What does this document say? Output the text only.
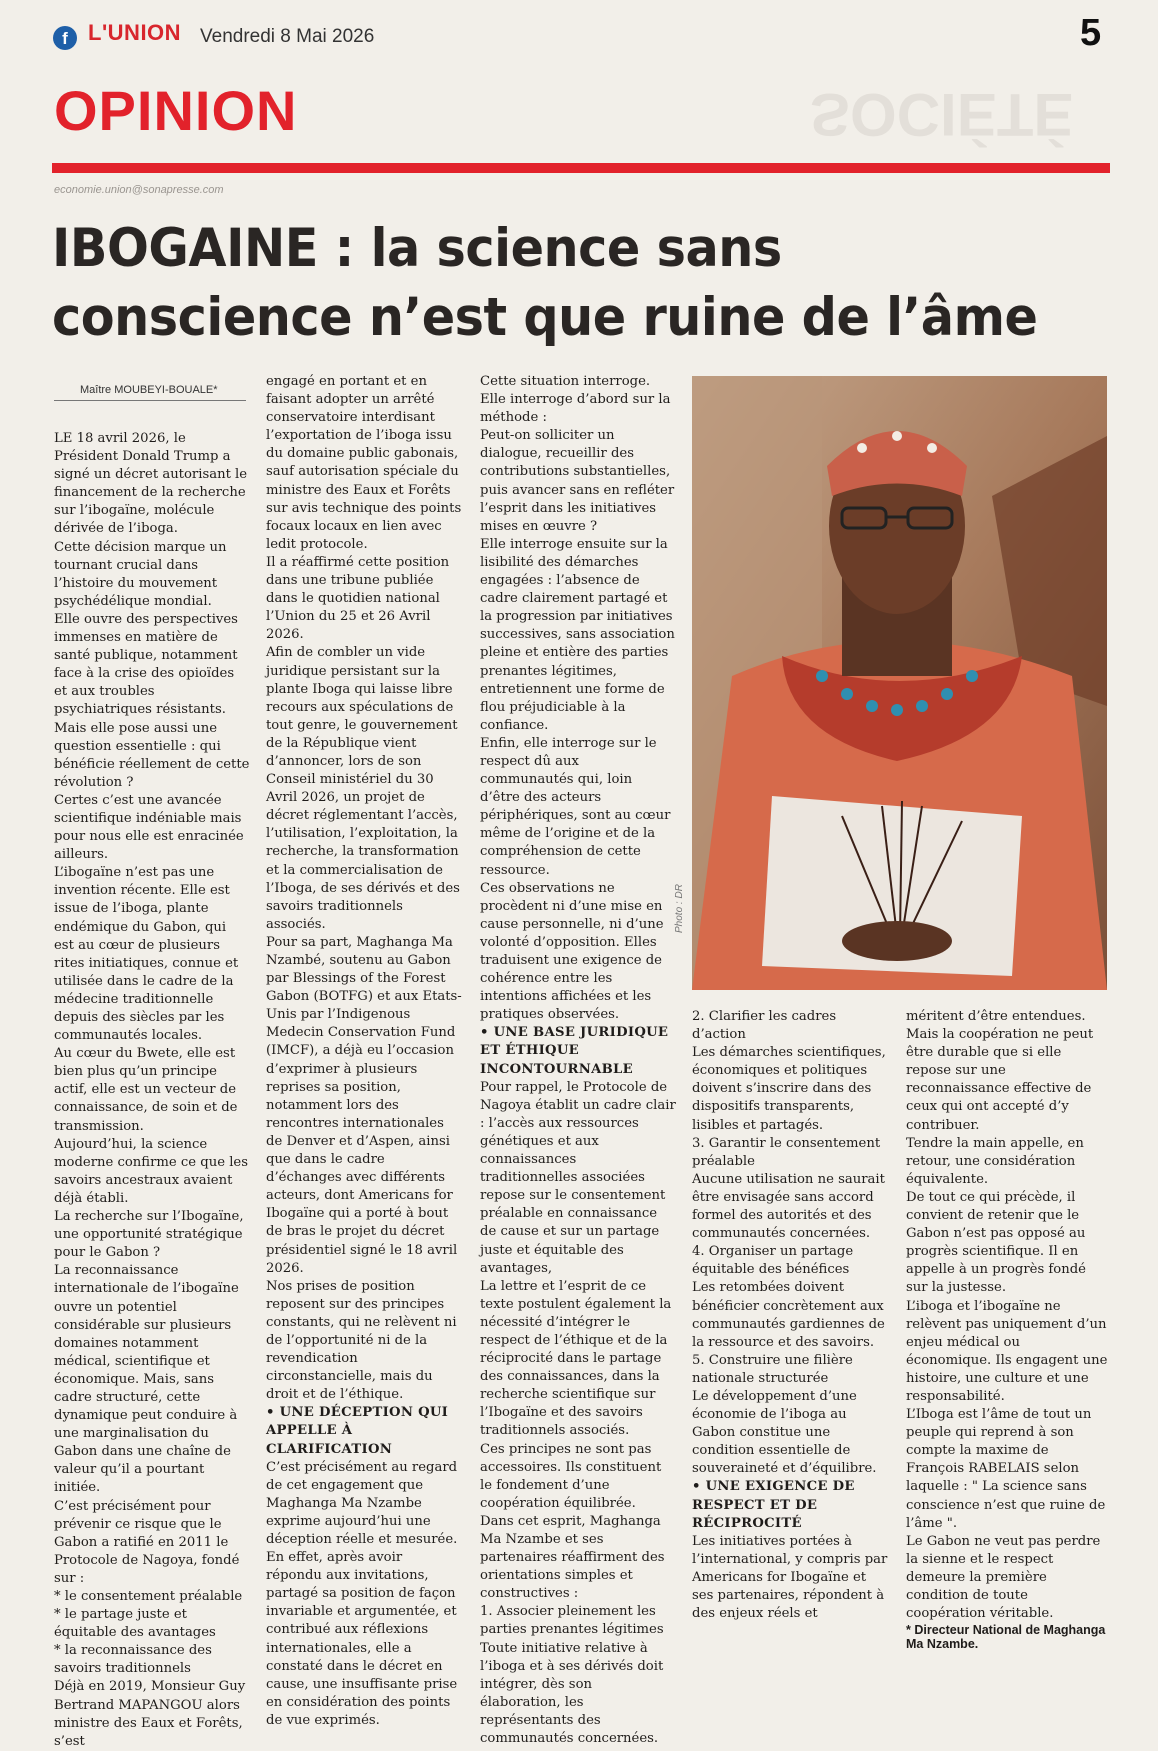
f L'UNION Vendredi 8 Mai 2026	5
SOCIÉTÉ
OPINION
economie.union@sonapresse.com
IBOGAINE : la science sans
conscience n’est que ruine de l’âme
Maître MOUBEYI-BOUALE*

LE 18 avril 2026, le Président Donald Trump a signé un décret autorisant le financement de la recherche sur l’ibogaïne, molécule dérivée de l’iboga.

Cette décision marque un tournant crucial dans l’histoire du mouvement psychédélique mondial.

Elle ouvre des perspectives immenses en matière de santé publique, notamment face à la crise des opioïdes et aux troubles psychiatriques résistants.

Mais elle pose aussi une question essentielle : qui bénéficie réellement de cette révolution ?

Certes c’est une avancée scientifique indéniable mais pour nous elle est enracinée ailleurs.

L’ibogaïne n’est pas une invention récente. Elle est issue de l’iboga, plante endémique du Gabon, qui est au cœur de plusieurs rites initiatiques, connue et utilisée dans le cadre de la médecine traditionnelle depuis des siècles par les communautés locales.

Au cœur du Bwete, elle est bien plus qu’un principe actif, elle est un vecteur de connaissance, de soin et de transmission.

Aujourd’hui, la science moderne confirme ce que les savoirs ancestraux avaient déjà établi.

La recherche sur l’Ibogaïne, une opportunité stratégique pour le Gabon ?

La reconnaissance internationale de l’ibogaïne ouvre un potentiel considérable sur plusieurs domaines notamment médical, scientifique et économique. Mais, sans cadre structuré, cette dynamique peut conduire à une marginalisation du Gabon dans une chaîne de valeur qu’il a pourtant initiée.

C’est précisément pour prévenir ce risque que le Gabon a ratifié en 2011 le Protocole de Nagoya, fondé sur :

* le consentement préalable

* le partage juste et équitable des avantages

* la reconnaissance des savoirs traditionnels

Déjà en 2019, Monsieur Guy Bertrand MAPANGOU alors ministre des Eaux et Forêts, s’est

engagé en portant et en faisant adopter un arrêté conservatoire interdisant l’exportation de l’iboga issu du domaine public gabonais, sauf autorisation spéciale du ministre des Eaux et Forêts sur avis technique des points focaux locaux en lien avec ledit protocole.

Il a réaffirmé cette position dans une tribune publiée dans le quotidien national l’Union du 25 et 26 Avril 2026.

Afin de combler un vide juridique persistant sur la plante Iboga qui laisse libre recours aux spéculations de tout genre, le gouvernement de la République vient d’annoncer, lors de son Conseil ministériel du 30 Avril 2026, un projet de décret réglementant l’accès, l’utilisation, l’exploitation, la recherche, la transformation et la commercialisation de l’Iboga, de ses dérivés et des savoirs traditionnels associés.

Pour sa part, Maghanga Ma Nzambé, soutenu au Gabon par Blessings of the Forest Gabon (BOTFG) et aux Etats-Unis par l’Indigenous Medecin Conservation Fund (IMCF), a déjà eu l’occasion d’exprimer à plusieurs reprises sa position, notamment lors des rencontres internationales de Denver et d’Aspen, ainsi que dans le cadre d’échanges avec différents acteurs, dont Americans for Ibogaïne qui a porté à bout de bras le projet du décret présidentiel signé le 18 avril 2026.

Nos prises de position reposent sur des principes constants, qui ne relèvent ni de l’opportunité ni de la revendication circonstancielle, mais du droit et de l’éthique.

• UNE DÉCEPTION QUI APPELLE À CLARIFICATION

C’est précisément au regard de cet engagement que Maghanga Ma Nzambe exprime aujourd’hui une déception réelle et mesurée. En effet, après avoir répondu aux invitations, partagé sa position de façon invariable et argumentée, et contribué aux réflexions internationales, elle a constaté dans le décret en cause, une insuffisante prise en considération des points de vue exprimés.

Cette situation interroge.

Elle interroge d’abord sur la méthode :

Peut-on solliciter un dialogue, recueillir des contributions substantielles, puis avancer sans en refléter l’esprit dans les initiatives mises en œuvre ?

Elle interroge ensuite sur la lisibilité des démarches engagées : l’absence de cadre clairement partagé et la progression par initiatives successives, sans association pleine et entière des parties prenantes légitimes, entretiennent une forme de flou préjudiciable à la confiance.

Enfin, elle interroge sur le respect dû aux communautés qui, loin d’être des acteurs périphériques, sont au cœur même de l’origine et de la compréhension de cette ressource.

Ces observations ne procèdent ni d’une mise en cause personnelle, ni d’une volonté d’opposition. Elles traduisent une exigence de cohérence entre les intentions affichées et les pratiques observées.

• UNE BASE JURIDIQUE ET ÉTHIQUE INCONTOURNABLE

Pour rappel, le Protocole de Nagoya établit un cadre clair : l’accès aux ressources génétiques et aux connaissances traditionnelles associées repose sur le consentement préalable en connaissance de cause et sur un partage juste et équitable des avantages,

La lettre et l’esprit de ce texte postulent également la nécessité d’intégrer le respect de l’éthique et de la réciprocité dans le partage des connaissances, dans la recherche scientifique sur l’Ibogaïne et des savoirs traditionnels associés.

Ces principes ne sont pas accessoires. Ils constituent le fondement d’une coopération équilibrée.

Dans cet esprit, Maghanga Ma Nzambe et ses partenaires réaffirment des orientations simples et constructives :

1. Associer pleinement les parties prenantes légitimes

Toute initiative relative à l’iboga et à ses dérivés doit intégrer, dès son élaboration, les représentants des communautés concernées.

Photo : DR

2. Clarifier les cadres d’action

Les démarches scientifiques, économiques et politiques doivent s’inscrire dans des dispositifs transparents, lisibles et partagés.

3. Garantir le consentement préalable

Aucune utilisation ne saurait être envisagée sans accord formel des autorités et des communautés concernées.

4. Organiser un partage équitable des bénéfices

Les retombées doivent bénéficier concrètement aux communautés gardiennes de la ressource et des savoirs.

5. Construire une filière nationale structurée

Le développement d’une économie de l’iboga au Gabon constitue une condition essentielle de souveraineté et d’équilibre.

• UNE EXIGENCE DE RESPECT ET DE RÉCIPROCITÉ

Les initiatives portées à l’international, y compris par Americans for Ibogaïne et ses partenaires, répondent à des enjeux réels et

méritent d’être entendues.

Mais la coopération ne peut être durable que si elle repose sur une reconnaissance effective de ceux qui ont accepté d’y contribuer.

Tendre la main appelle, en retour, une considération équivalente.

De tout ce qui précède, il convient de retenir que le Gabon n’est pas opposé au progrès scientifique. Il en appelle à un progrès fondé sur la justesse.

L’iboga et l’ibogaïne ne relèvent pas uniquement d’un enjeu médical ou économique. Ils engagent une histoire, une culture et une responsabilité.

L’Iboga est l’âme de tout un peuple qui reprend à son compte la maxime de François RABELAIS selon laquelle : " La science sans conscience n’est que ruine de l’âme ".

Le Gabon ne veut pas perdre la sienne et le respect demeure la première condition de toute coopération véritable.

* Directeur National de Maghanga Ma Nzambe.
